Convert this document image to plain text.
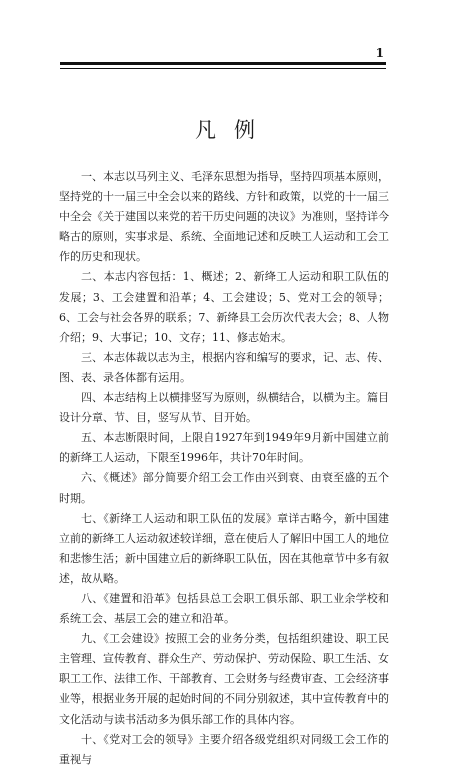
1
凡例

一、本志以马列主义、毛泽东思想为指导，坚持四项基本原则，坚持党的十一届三中全会以来的路线、方针和政策，以党的十一届三中全会《关于建国以来党的若干历史问题的决议》为准则，坚持详今略古的原则，实事求是、系统、全面地记述和反映工人运动和工会工作的历史和现状。

二、本志内容包括：1、概述；2、新绛工人运动和职工队伍的发展；3、工会建置和沿革；4、工会建设；5、党对工会的领导；6、工会与社会各界的联系；7、新绛县工会历次代表大会；8、人物介绍；9、大事记；10、文存；11、修志始末。

三、本志体裁以志为主，根据内容和编写的要求，记、志、传、图、表、录各体都有运用。

四、本志结构上以横排竖写为原则，纵横结合，以横为主。篇目设计分章、节、目，竖写从节、目开始。

五、本志断限时间，上限自1927年到1949年9月新中国建立前的新绛工人运动，下限至1996年，共计70年时间。

六、《概述》部分简要介绍工会工作由兴到衰、由衰至盛的五个时期。

七、《新绛工人运动和职工队伍的发展》章详古略今，新中国建立前的新绛工人运动叙述较详细，意在使后人了解旧中国工人的地位和悲惨生活；新中国建立后的新绛职工队伍，因在其他章节中多有叙述，故从略。

八、《建置和沿革》包括县总工会职工俱乐部、职工业余学校和系统工会、基层工会的建立和沿革。

九、《工会建设》按照工会的业务分类，包括组织建设、职工民主管理、宣传教育、群众生产、劳动保护、劳动保险、职工生活、女职工工作、法律工作、干部教育、工会财务与经费审查、工会经济事业等，根据业务开展的起始时间的不同分别叙述，其中宣传教育中的文化活动与读书活动多为俱乐部工作的具体内容。

十、《党对工会的领导》主要介绍各级党组织对同级工会工作的重视与
